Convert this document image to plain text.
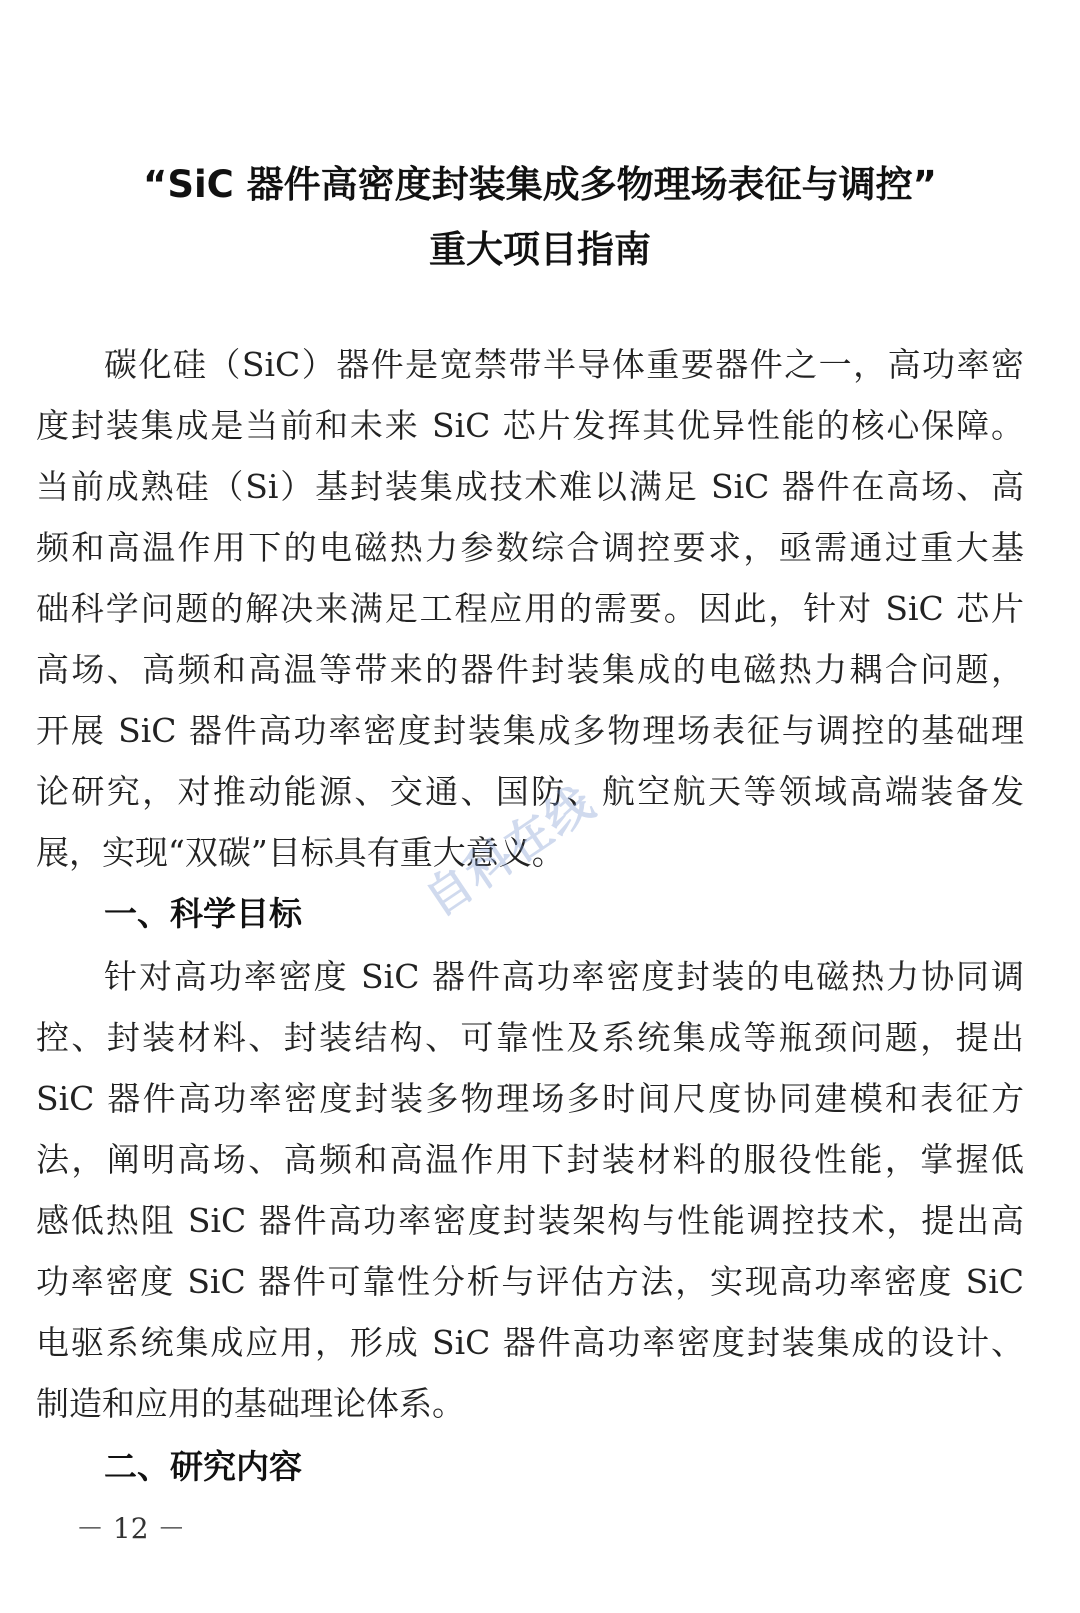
“SiC 器件高密度封装集成多物理场表征与调控”
重大项目指南
碳化硅（SiC）器件是宽禁带半导体重要器件之一，高功率密
度封装集成是当前和未来 SiC 芯片发挥其优异性能的核心保障。
当前成熟硅（Si）基封装集成技术难以满足 SiC 器件在高场、高
频和高温作用下的电磁热力参数综合调控要求，亟需通过重大基
础科学问题的解决来满足工程应用的需要。因此，针对 SiC 芯片
高场、高频和高温等带来的器件封装集成的电磁热力耦合问题，
开展 SiC 器件高功率密度封装集成多物理场表征与调控的基础理
论研究，对推动能源、交通、国防、航空航天等领域高端装备发
展，实现“双碳”目标具有重大意义。
一、科学目标
针对高功率密度 SiC 器件高功率密度封装的电磁热力协同调
控、封装材料、封装结构、可靠性及系统集成等瓶颈问题，提出
SiC 器件高功率密度封装多物理场多时间尺度协同建模和表征方
法，阐明高场、高频和高温作用下封装材料的服役性能，掌握低
感低热阻 SiC 器件高功率密度封装架构与性能调控技术，提出高
功率密度 SiC 器件可靠性分析与评估方法，实现高功率密度 SiC
电驱系统集成应用，形成 SiC 器件高功率密度封装集成的设计、
制造和应用的基础理论体系。
二、研究内容
－ 12 －
自科在线
